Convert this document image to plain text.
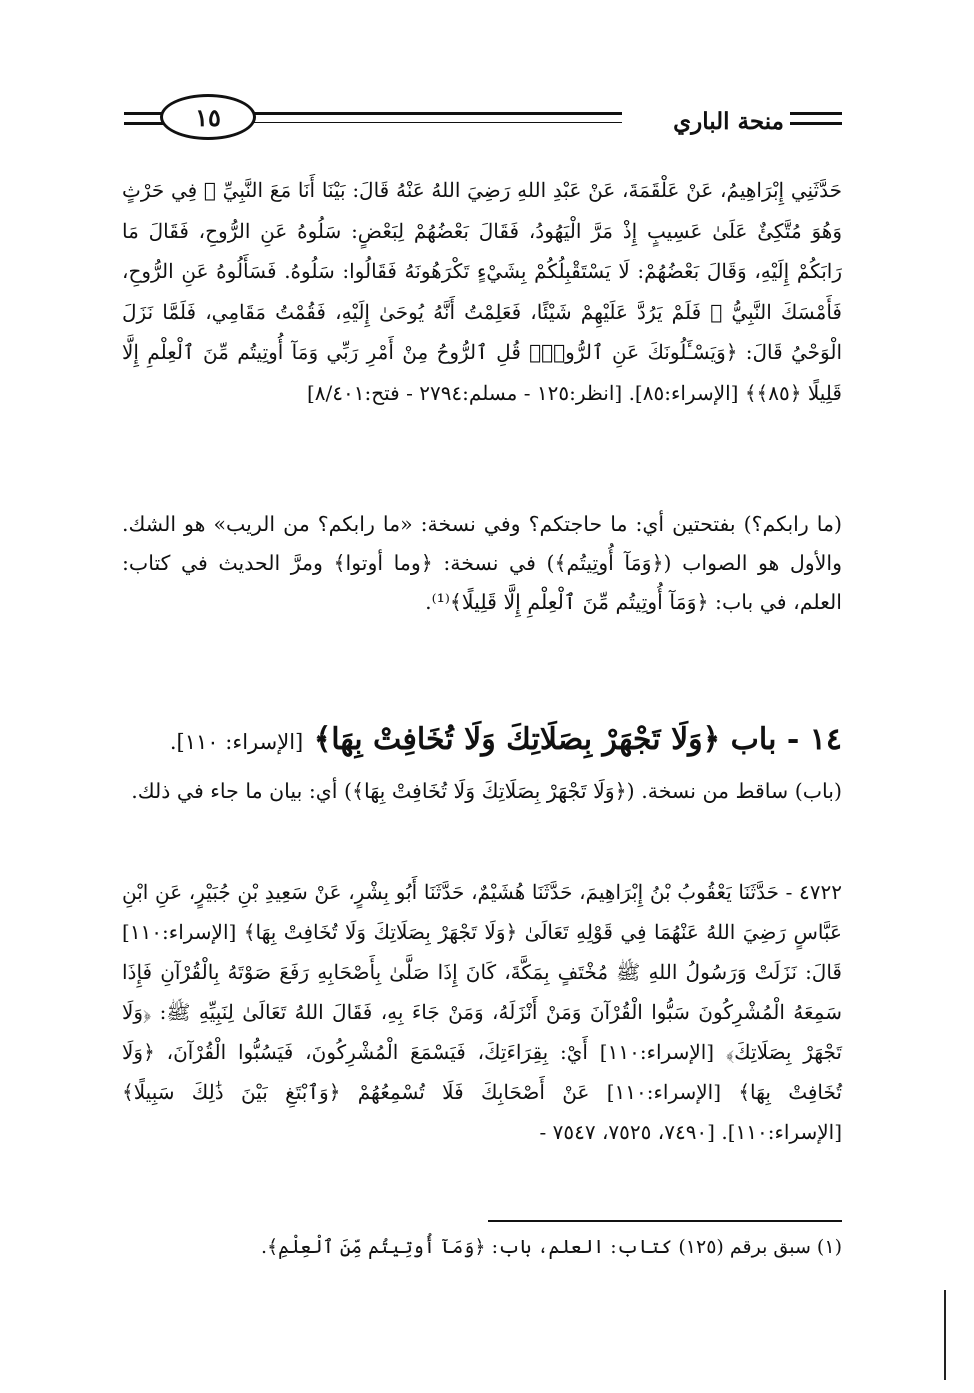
١٥	منحة الباري

حَدَّثَنِي إِبْرَاهِيمُ، عَنْ عَلْقَمَةَ، عَنْ عَبْدِ اللهِ رَضِيَ اللهُ عَنْهُ قَالَ: بَيْنَا أَنَا مَعَ النَّبِيِّ ﷺ فِي حَرْثٍ وَهُوَ مُتَّكِئٌ عَلَىٰ عَسِيبٍ إِذْ مَرَّ الْيَهُودُ، فَقَالَ بَعْضُهُمْ لِبَعْضٍ: سَلُوهُ عَنِ الرُّوحِ، فَقَالَ مَا رَابَكُمْ إِلَيْهِ، وَقَالَ بَعْضُهُمْ: لَا يَسْتَقْبِلُكُمْ بِشَيْءٍ تَكْرَهُونَهُ فَقَالُوا: سَلُوهُ. فَسَأَلُوهُ عَنِ الرُّوحِ، فَأَمْسَكَ النَّبِيُّ ﷺ فَلَمْ يَرُدَّ عَلَيْهِمْ شَيْئًا، فَعَلِمْتُ أَنَّهُ يُوحَىٰ إِلَيْهِ، فَقُمْتُ مَقَامِي، فَلَمَّا نَزَلَ الْوَحْيُ قَالَ: ﴿وَيَسْـَٔلُونَكَ عَنِ ٱلرُّوحِۖ قُلِ ٱلرُّوحُ مِنْ أَمْرِ رَبِّي وَمَآ أُوتِيتُم مِّنَ ٱلْعِلْمِ إِلَّا قَلِيلًا ﴿٨٥﴾﴾ [الإسراء:٨٥]. [انظر:١٢٥ - مسلم:٢٧٩٤ - فتح:٨/٤٠١]

(ما رابكم؟) بفتحتين أي: ما حاجتكم؟ وفي نسخة: «ما رابكم؟ من الريب» هو الشك. والأول هو الصواب (﴿وَمَآ أُوتِيتُم﴾) في نسخة: ﴿وما أوتوا﴾ ومرَّ الحديث في كتاب: العلم، في باب: ﴿وَمَآ أُوتِيتُم مِّنَ ٱلْعِلْمِ إِلَّا قَلِيلًا﴾⁽¹⁾.

١٤ - باب ﴿وَلَا تَجْهَرْ بِصَلَاتِكَ وَلَا تُخَافِتْ بِهَا﴾ [الإسراء: ١١٠].

(باب) ساقط من نسخة. (﴿وَلَا تَجْهَرْ بِصَلَاتِكَ وَلَا تُخَافِتْ بِهَا﴾) أي: بيان ما جاء في ذلك.

٤٧٢٢ - حَدَّثَنَا يَعْقُوبُ بْنُ إِبْرَاهِيمَ، حَدَّثَنَا هُشَيْمٌ، حَدَّثَنَا أَبُو بِشْرٍ، عَنْ سَعِيدِ بْنِ جُبَيْرٍ، عَنِ ابْنِ عَبَّاسٍ رَضِيَ اللهُ عَنْهُمَا فِي قَوْلِهِ تَعَالَىٰ ﴿وَلَا تَجْهَرْ بِصَلَاتِكَ وَلَا تُخَافِتْ بِهَا﴾ [الإسراء:١١٠] قَالَ: نَزَلَتْ وَرَسُولُ اللهِ ﷺ مُخْتَفٍ بِمَكَّةَ، كَانَ إِذَا صَلَّىٰ بِأَصْحَابِهِ رَفَعَ صَوْتَهُ بِالْقُرْآنِ فَإِذَا سَمِعَهُ الْمُشْرِكُونَ سَبُّوا الْقُرْآنَ وَمَنْ أَنْزَلَهُ، وَمَنْ جَاءَ بِهِ، فَقَالَ اللهُ تَعَالَىٰ لِنَبِيِّهِ ﷺ: ﴿وَلَا تَجْهَرْ بِصَلَاتِكَ﴾ [الإسراء:١١٠] أَيْ: بِقِرَاءَتِكَ، فَيَسْمَعَ الْمُشْرِكُونَ، فَيَسُبُّوا الْقُرْآنَ، ﴿وَلَا تُخَافِتْ بِهَا﴾ [الإسراء:١١٠] عَنْ أَصْحَابِكَ فَلَا تُسْمِعُهُمْ ﴿وَٱبْتَغِ بَيْنَ ذَٰلِكَ سَبِيلًا﴾ [الإسراء:١١٠]. [٧٤٩٠، ٧٥٢٥، ٧٥٤٧ -

(١) سبق برقم (١٢٥) كتاب: العلم، باب: ﴿وَمَآ أُوتِيتُم مِّنَ ٱلْعِلْمِ﴾.
